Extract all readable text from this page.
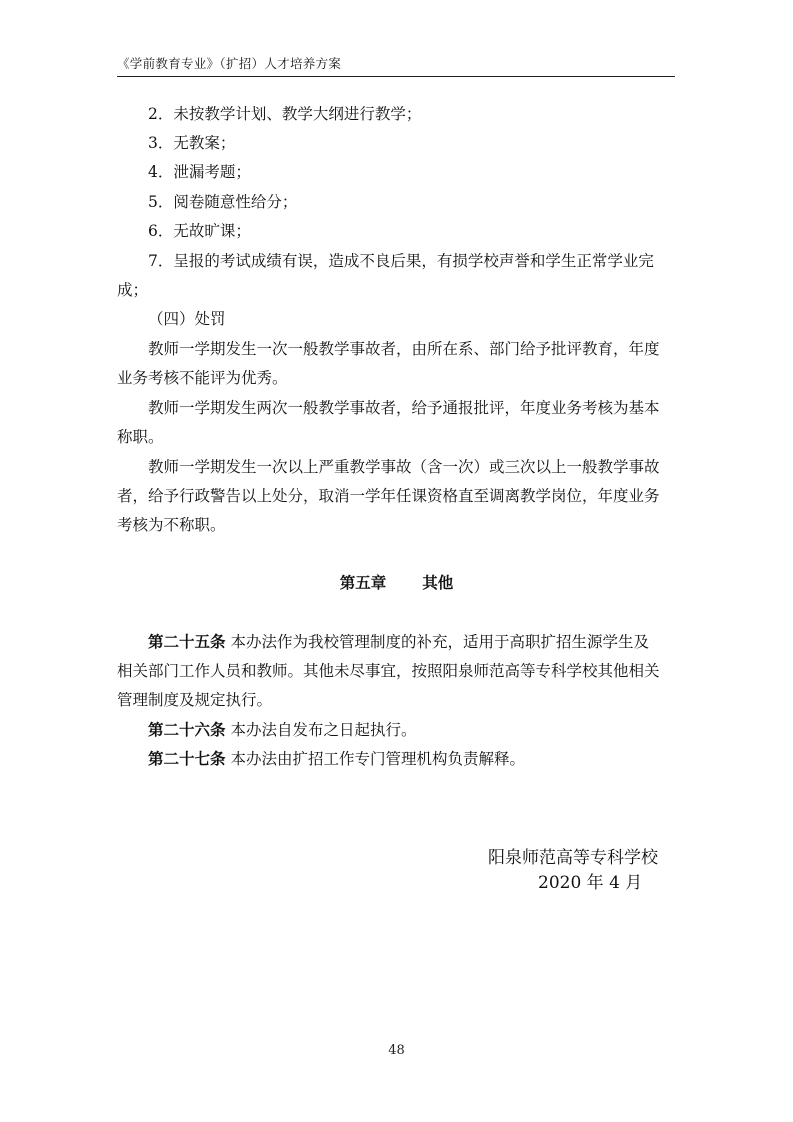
《学前教育专业》（扩招）人才培养方案
2．未按教学计划、教学大纲进行教学；
3．无教案；
4．泄漏考题；
5．阅卷随意性给分；
6．无故旷课；
7．呈报的考试成绩有误，造成不良后果，有损学校声誉和学生正常学业完
成；
（四）处罚
教师一学期发生一次一般教学事故者，由所在系、部门给予批评教育，年度
业务考核不能评为优秀。
教师一学期发生两次一般教学事故者，给予通报批评，年度业务考核为基本
称职。
教师一学期发生一次以上严重教学事故（含一次）或三次以上一般教学事故
者，给予行政警告以上处分，取消一学年任课资格直至调离教学岗位，年度业务
考核为不称职。
第五章 其他
第二十五条 本办法作为我校管理制度的补充，适用于高职扩招生源学生及
相关部门工作人员和教师。其他未尽事宜，按照阳泉师范高等专科学校其他相关
管理制度及规定执行。
第二十六条 本办法自发布之日起执行。
第二十七条 本办法由扩招工作专门管理机构负责解释。
阳泉师范高等专科学校
2020 年 4 月
48
